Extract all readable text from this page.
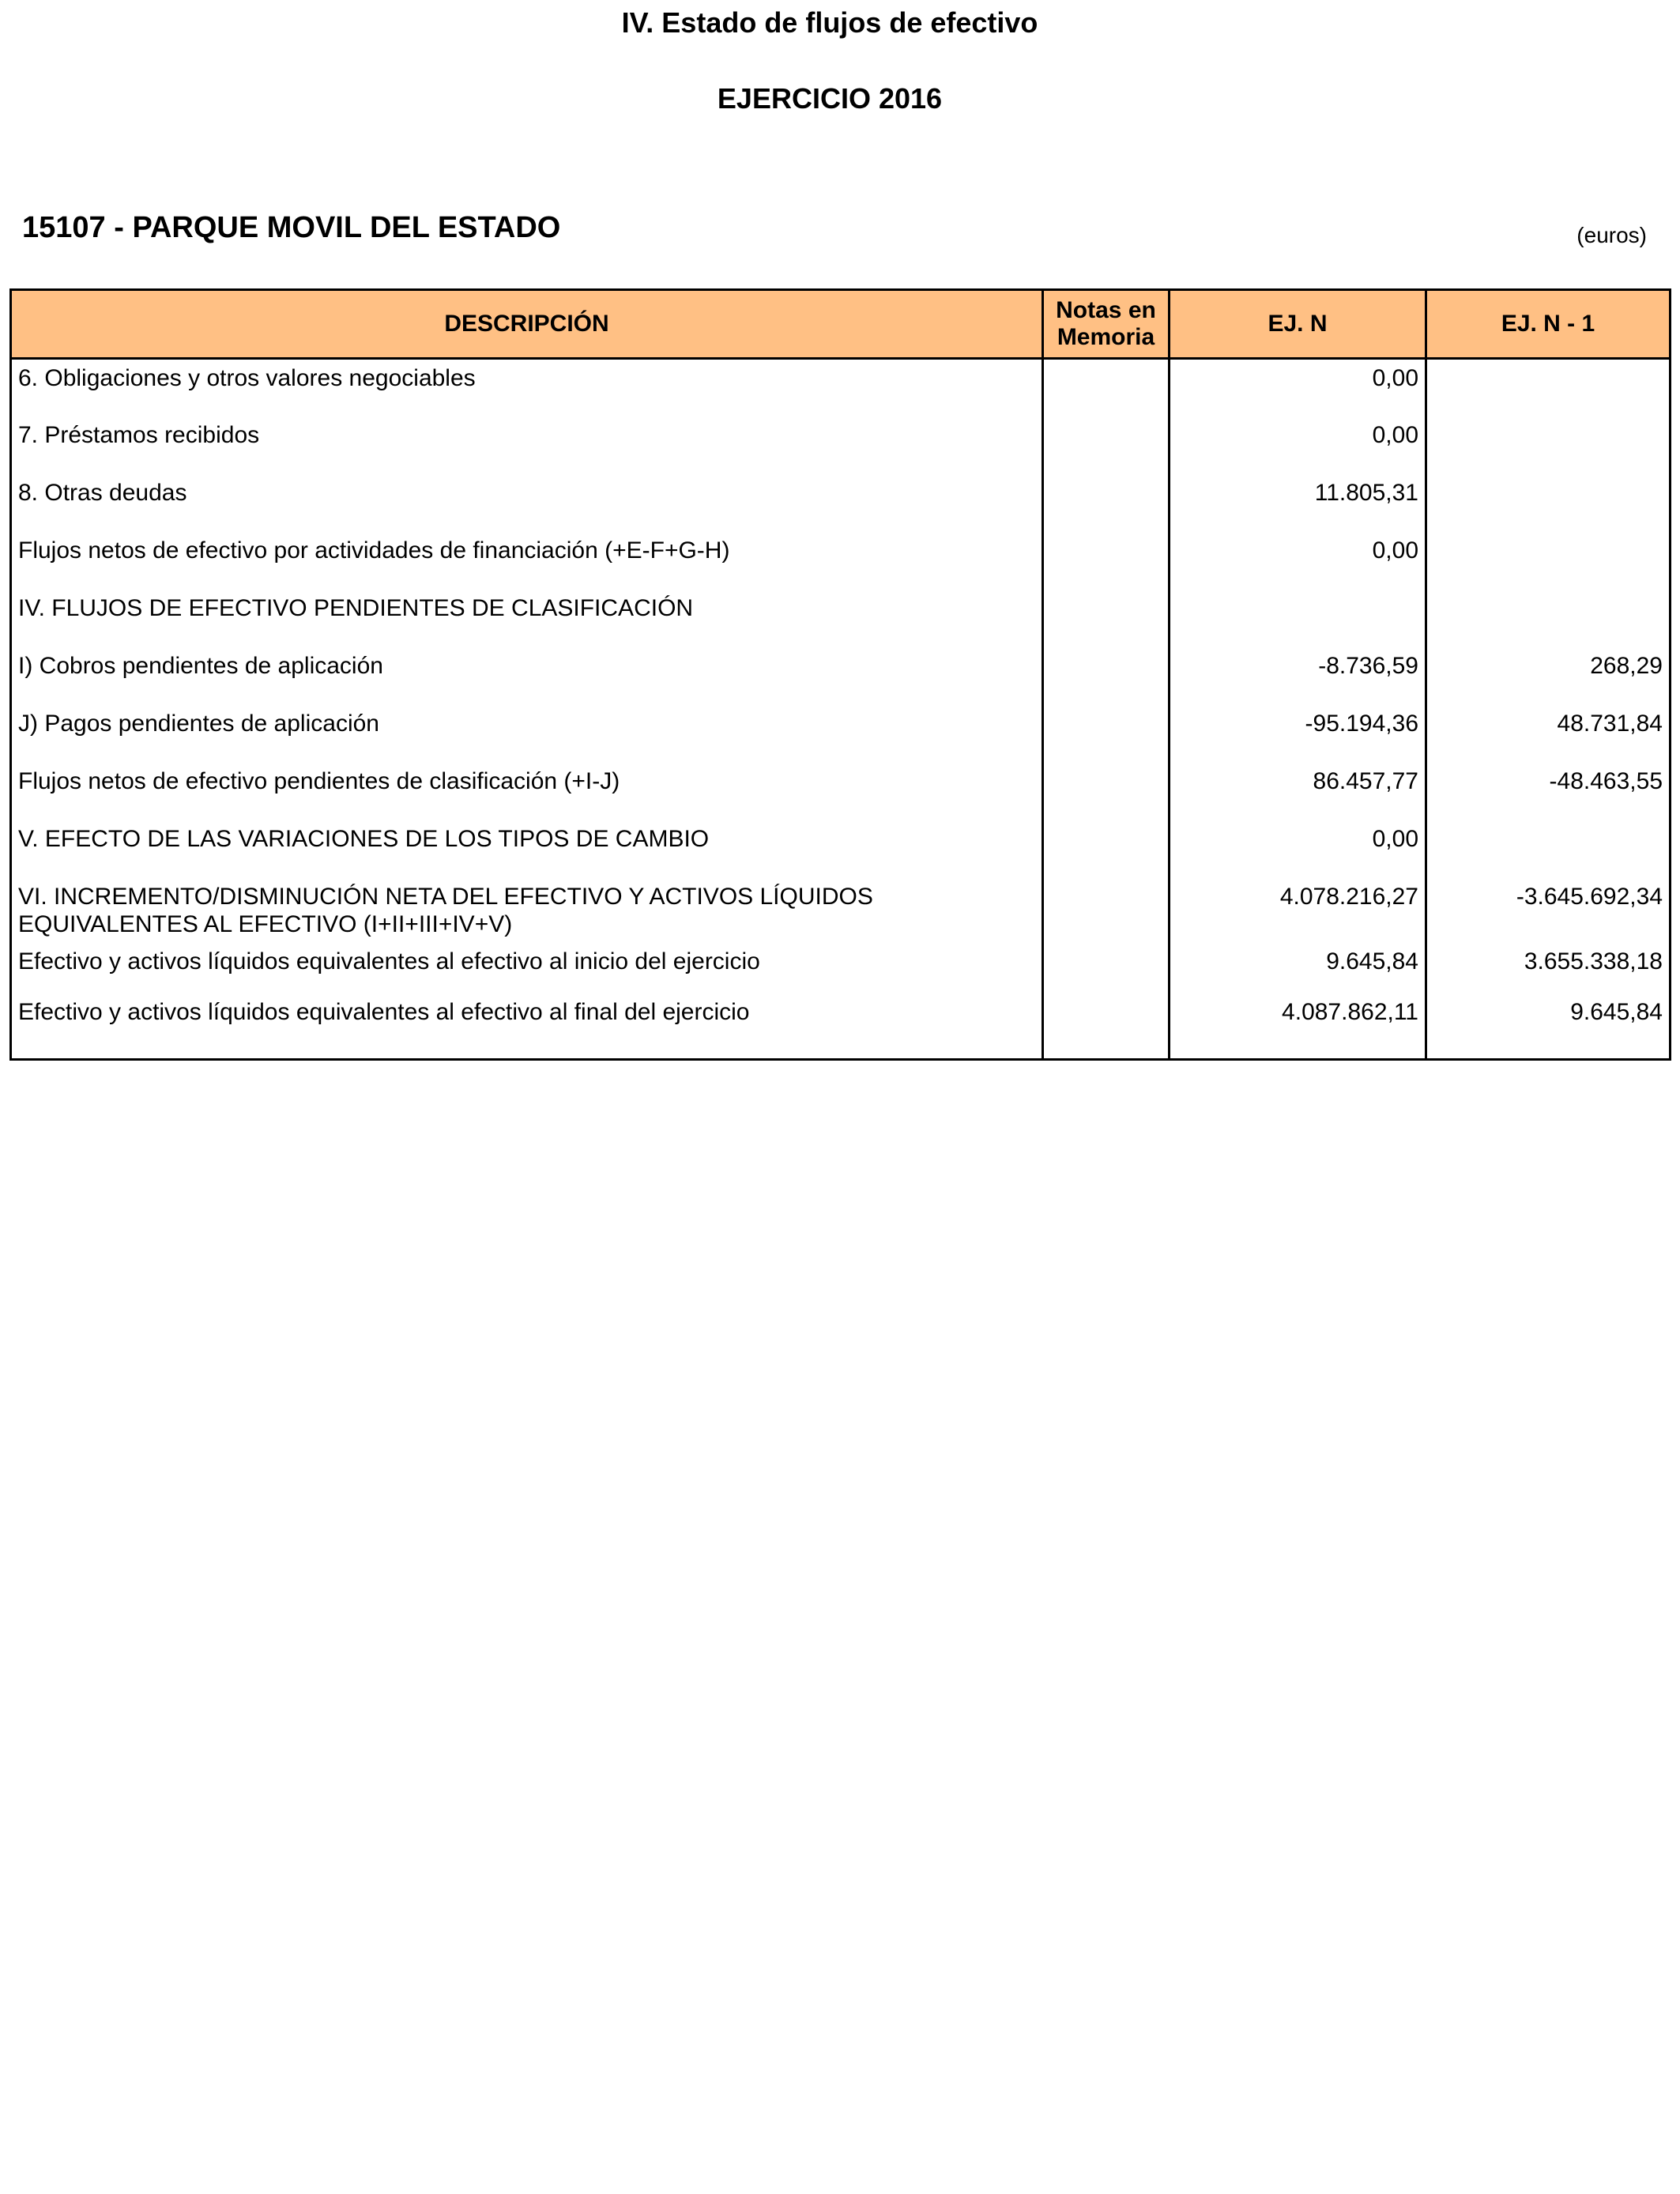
IV. Estado de flujos de efectivo
EJERCICIO 2016
15107 - PARQUE MOVIL DEL ESTADO	(euros)
DESCRIPCIÓN	Notas en Memoria	EJ. N	EJ. N - 1
6. Obligaciones y otros valores negociables		0,00	
7. Préstamos recibidos		0,00	
8. Otras deudas		11.805,31	
Flujos netos de efectivo por actividades de financiación (+E-F+G-H)		0,00	
IV. FLUJOS DE EFECTIVO PENDIENTES DE CLASIFICACIÓN			
I) Cobros pendientes de aplicación		-8.736,59	268,29
J) Pagos pendientes de aplicación		-95.194,36	48.731,84
Flujos netos de efectivo pendientes de clasificación (+I-J)		86.457,77	-48.463,55
V. EFECTO DE LAS VARIACIONES DE LOS TIPOS DE CAMBIO		0,00	
VI. INCREMENTO/DISMINUCIÓN NETA DEL EFECTIVO Y ACTIVOS LÍQUIDOS EQUIVALENTES AL EFECTIVO (I+II+III+IV+V)		4.078.216,27	-3.645.692,34
Efectivo y activos líquidos equivalentes al efectivo al inicio del ejercicio		9.645,84	3.655.338,18
Efectivo y activos líquidos equivalentes al efectivo al final del ejercicio		4.087.862,11	9.645,84
